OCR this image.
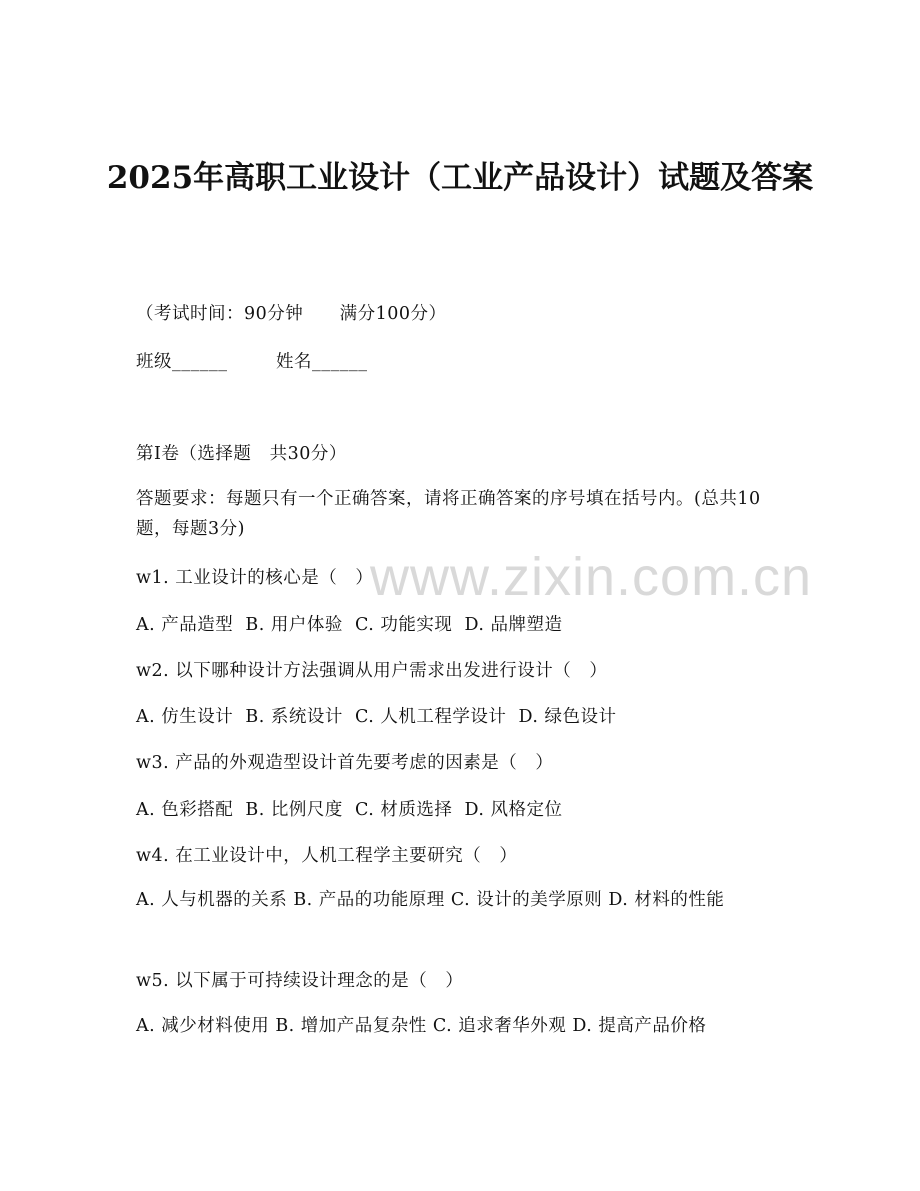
www.zixin.com.cn
2025年高职工业设计（工业产品设计）试题及答案
（考试时间：90分钟      满分100分）
班级______        姓名______
第I卷（选择题   共30分）
答题要求：每题只有一个正确答案，请将正确答案的序号填在括号内。(总共10题，每题3分)
w1. 工业设计的核心是（   ）
A. 产品造型  B. 用户体验  C. 功能实现  D. 品牌塑造
w2. 以下哪种设计方法强调从用户需求出发进行设计（   ）
A. 仿生设计  B. 系统设计  C. 人机工程学设计  D. 绿色设计
w3. 产品的外观造型设计首先要考虑的因素是（   ）
A. 色彩搭配  B. 比例尺度  C. 材质选择  D. 风格定位
w4. 在工业设计中，人机工程学主要研究（   ）
A. 人与机器的关系 B. 产品的功能原理 C. 设计的美学原则 D. 材料的性能
w5. 以下属于可持续设计理念的是（   ）
A. 减少材料使用 B. 增加产品复杂性 C. 追求奢华外观 D. 提高产品价格
